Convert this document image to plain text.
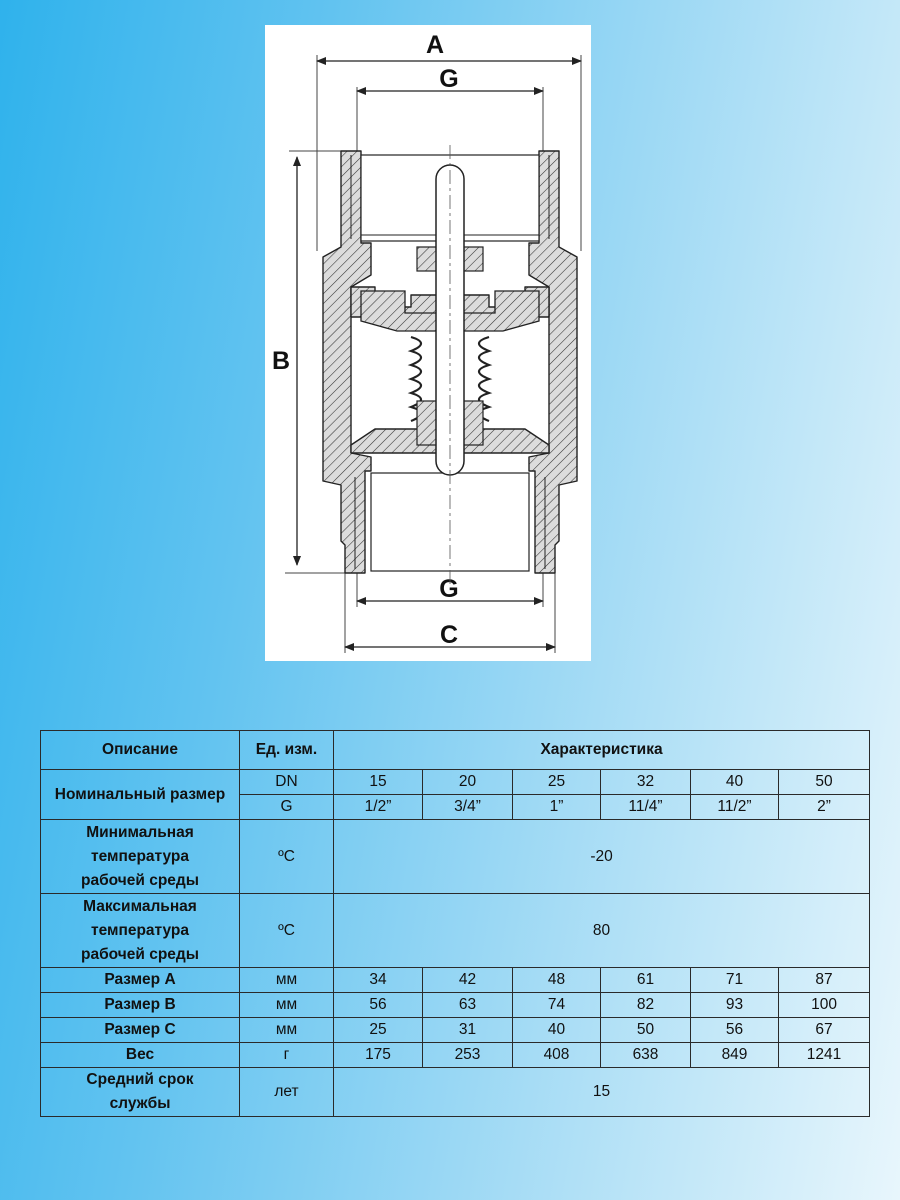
A
G
B
G
C
Описание	Ед. изм.	Характеристика					
Номинальный размер	DN	15	20	25	32	40	50
	G	1/2”	3/4”	1”	11/4”	11/2”	2”
Минимальная температура рабочей среды	ºC	-20					
Максимальная температура рабочей среды	ºC	80					
Размер А	мм	34	42	48	61	71	87
Размер В	мм	56	63	74	82	93	100
Размер С	мм	25	31	40	50	56	67
Вес	г	175	253	408	638	849	1241
Средний срок службы	лет	15					
